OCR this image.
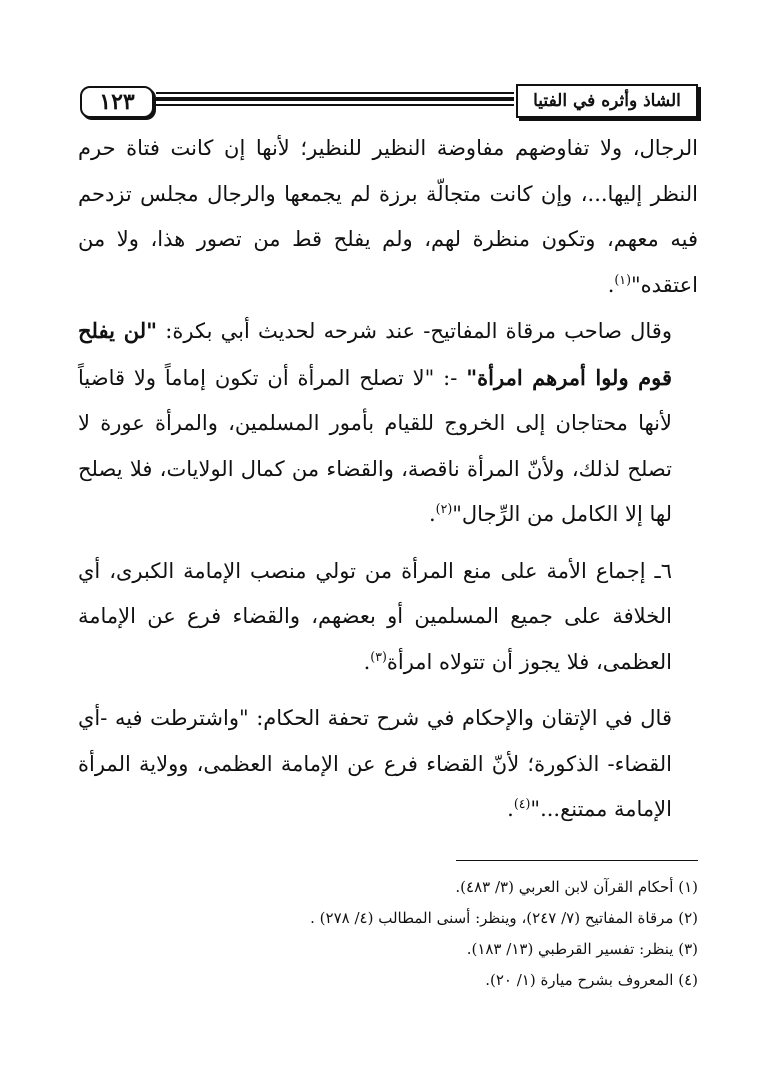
١٢٣	الشاذ وأثره في الفتيا

الرجال، ولا تفاوضهم مفاوضة النظير للنظير؛ لأنها إن كانت فتاة حرم النظر إليها...، وإن كانت متجالّة برزة لم يجمعها والرجال مجلس تزدحم فيه معهم، وتكون منظرة لهم، ولم يفلح قط من تصور هذا، ولا من اعتقده"$^{(١)}$.

وقال صاحب مرقاة المفاتيح- عند شرحه لحديث أبي بكرة: "لن يفلح قوم ولوا أمرهم امرأة" -: "لا تصلح المرأة أن تكون إماماً ولا قاضياً لأنها محتاجان إلى الخروج للقيام بأمور المسلمين، والمرأة عورة لا تصلح لذلك، ولأنّ المرأة ناقصة، والقضاء من كمال الولايات، فلا يصلح لها إلا الكامل من الرِّجال"$^{(٢)}$.

٦ـ إجماع الأمة على منع المرأة من تولي منصب الإمامة الكبرى، أي الخلافة على جميع المسلمين أو بعضهم، والقضاء فرع عن الإمامة العظمى، فلا يجوز أن تتولاه امرأة$^{(٣)}$.

قال في الإتقان والإحكام في شرح تحفة الحكام: "واشترطت فيه -أي القضاء- الذكورة؛ لأنّ القضاء فرع عن الإمامة العظمى، وولاية المرأة الإمامة ممتنع..."$^{(٤)}$.

(١) أحكام القرآن لابن العربي (٣/ ٤٨٣).
(٢) مرقاة المفاتيح (٧/ ٢٤٧)، وينظر: أسنى المطالب (٤/ ٢٧٨) .
(٣) ينظر: تفسير القرطبي (١٣/ ١٨٣).
(٤) المعروف بشرح ميارة (١/ ٢٠).
